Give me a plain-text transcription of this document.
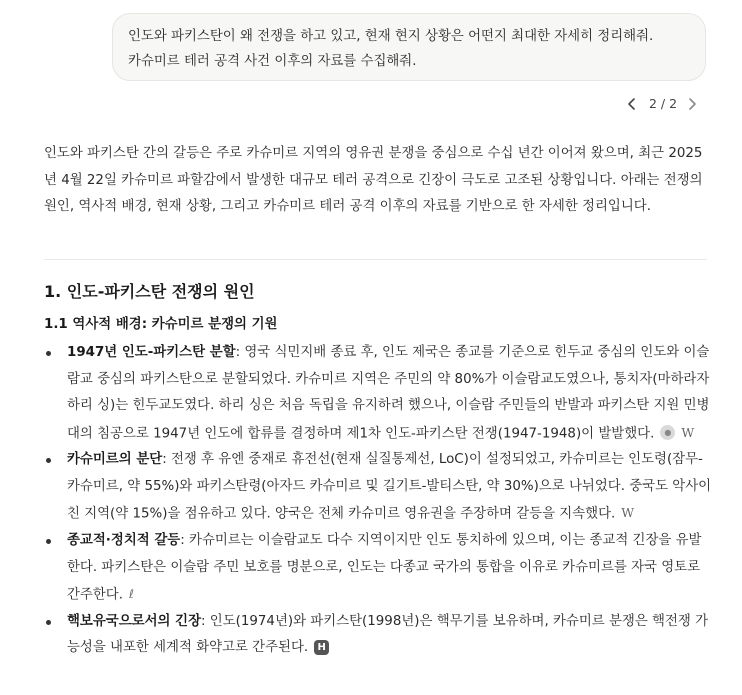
인도와 파키스탄이 왜 전쟁을 하고 있고, 현재 현지 상황은 어떤지 최대한 자세히 정리해줘.

카슈미르 테러 공격 사건 이후의 자료를 수집해줘.

2 / 2

인도와 파키스탄 간의 갈등은 주로 카슈미르 지역의 영유권 분쟁을 중심으로 수십 년간 이어져 왔으며, 최근 2025년 4월 22일 카슈미르 파할감에서 발생한 대규모 테러 공격으로 긴장이 극도로 고조된 상황입니다. 아래는 전쟁의 원인, 역사적 배경, 현재 상황, 그리고 카슈미르 테러 공격 이후의 자료를 기반으로 한 자세한 정리입니다.

1. 인도-파키스탄 전쟁의 원인
1.1 역사적 배경: 카슈미르 분쟁의 기원
1947년 인도-파키스탄 분할: 영국 식민지배 종료 후, 인도 제국은 종교를 기준으로 힌두교 중심의 인도와 이슬람교 중심의 파키스탄으로 분할되었다. 카슈미르 지역은 주민의 약 80%가 이슬람교도였으나, 통치자(마하라자 하리 싱)는 힌두교도였다. 하리 싱은 처음 독립을 유지하려 했으나, 이슬람 주민들의 반발과 파키스탄 지원 민병대의 침공으로 1947년 인도에 합류를 결정하며 제1차 인도-파키스탄 전쟁(1947-1948)이 발발했다. ● W
카슈미르의 분단: 전쟁 후 유엔 중재로 휴전선(현재 실질통제선, LoC)이 설정되었고, 카슈미르는 인도령(잠무-카슈미르, 약 55%)와 파키스탄령(아자드 카슈미르 및 길기트-발티스탄, 약 30%)으로 나뉘었다. 중국도 악사이친 지역(약 15%)을 점유하고 있다. 양국은 전체 카슈미르 영유권을 주장하며 갈등을 지속했다. W
종교적·정치적 갈등: 카슈미르는 이슬람교도 다수 지역이지만 인도 통치하에 있으며, 이는 종교적 긴장을 유발한다. 파키스탄은 이슬람 주민 보호를 명분으로, 인도는 다종교 국가의 통합을 이유로 카슈미르를 자국 영토로 간주한다. ℓ
핵보유국으로서의 긴장: 인도(1974년)와 파키스탄(1998년)은 핵무기를 보유하며, 카슈미르 분쟁은 핵전쟁 가능성을 내포한 세계적 화약고로 간주된다. H
